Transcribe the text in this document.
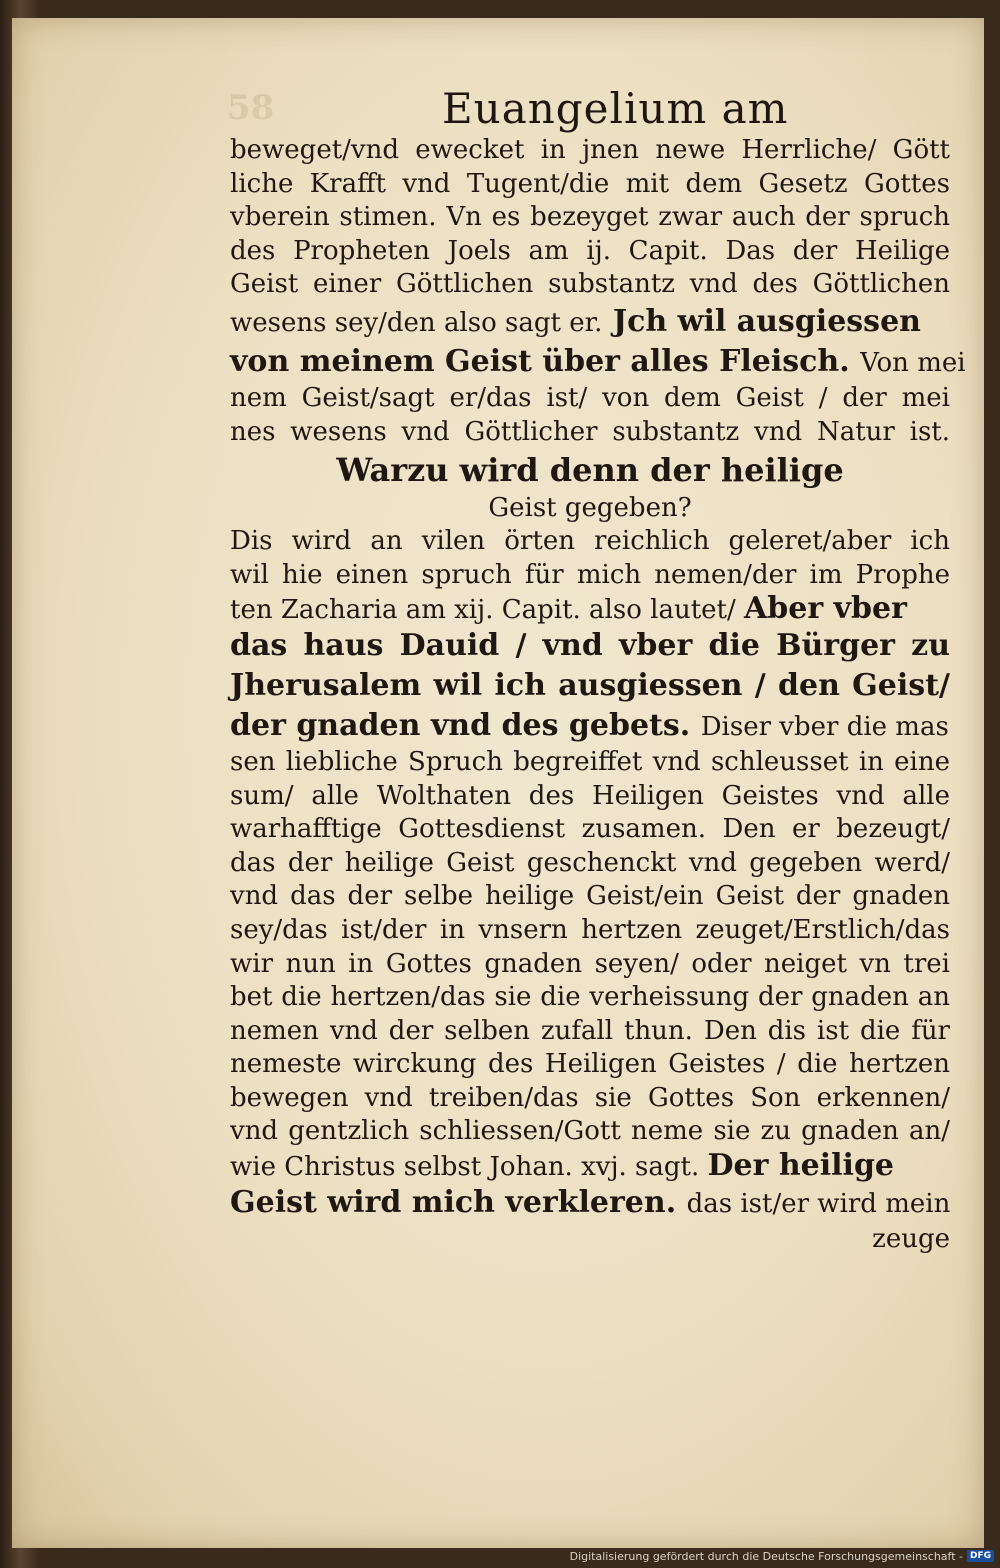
58	Euangelium am
beweget/vnd ewecket in jnen newe Herrliche/ Gött
liche Krafft vnd Tugent/die mit dem Gesetz Gottes
vberein stimen. Vn es bezeyget zwar auch der spruch
des Propheten Joels am ij. Capit. Das der Heilige
Geist einer Göttlichen substantz vnd des Göttlichen
wesens sey/den also sagt er. Jch wil ausgiessen
von meinem Geist über alles Fleisch. Von mei
nem Geist/sagt er/das ist/ von dem Geist / der mei
nes wesens vnd Göttlicher substantz vnd Natur ist.
Warzu wird denn der heilige
Geist gegeben?
Dis wird an vilen örten reichlich geleret/aber ich
wil hie einen spruch für mich nemen/der im Prophe
ten Zacharia am xij. Capit. also lautet/ Aber vber
das haus Dauid / vnd vber die Bürger zu
Jherusalem wil ich ausgiessen / den Geist/
der gnaden vnd des gebets. Diser vber die mas
sen liebliche Spruch begreiffet vnd schleusset in eine
sum/ alle Wolthaten des Heiligen Geistes vnd alle
warhafftige Gottesdienst zusamen. Den er bezeugt/
das der heilige Geist geschenckt vnd gegeben werd/
vnd das der selbe heilige Geist/ein Geist der gnaden
sey/das ist/der in vnsern hertzen zeuget/Erstlich/das
wir nun in Gottes gnaden seyen/ oder neiget vn trei
bet die hertzen/das sie die verheissung der gnaden an
nemen vnd der selben zufall thun. Den dis ist die für
nemeste wirckung des Heiligen Geistes / die hertzen
bewegen vnd treiben/das sie Gottes Son erkennen/
vnd gentzlich schliessen/Gott neme sie zu gnaden an/
wie Christus selbst Johan. xvj. sagt. Der heilige
Geist wird mich verkleren. das ist/er wird mein
zeuge
Digitalisierung gefördert durch die Deutsche Forschungsgemeinschaft - DFG
